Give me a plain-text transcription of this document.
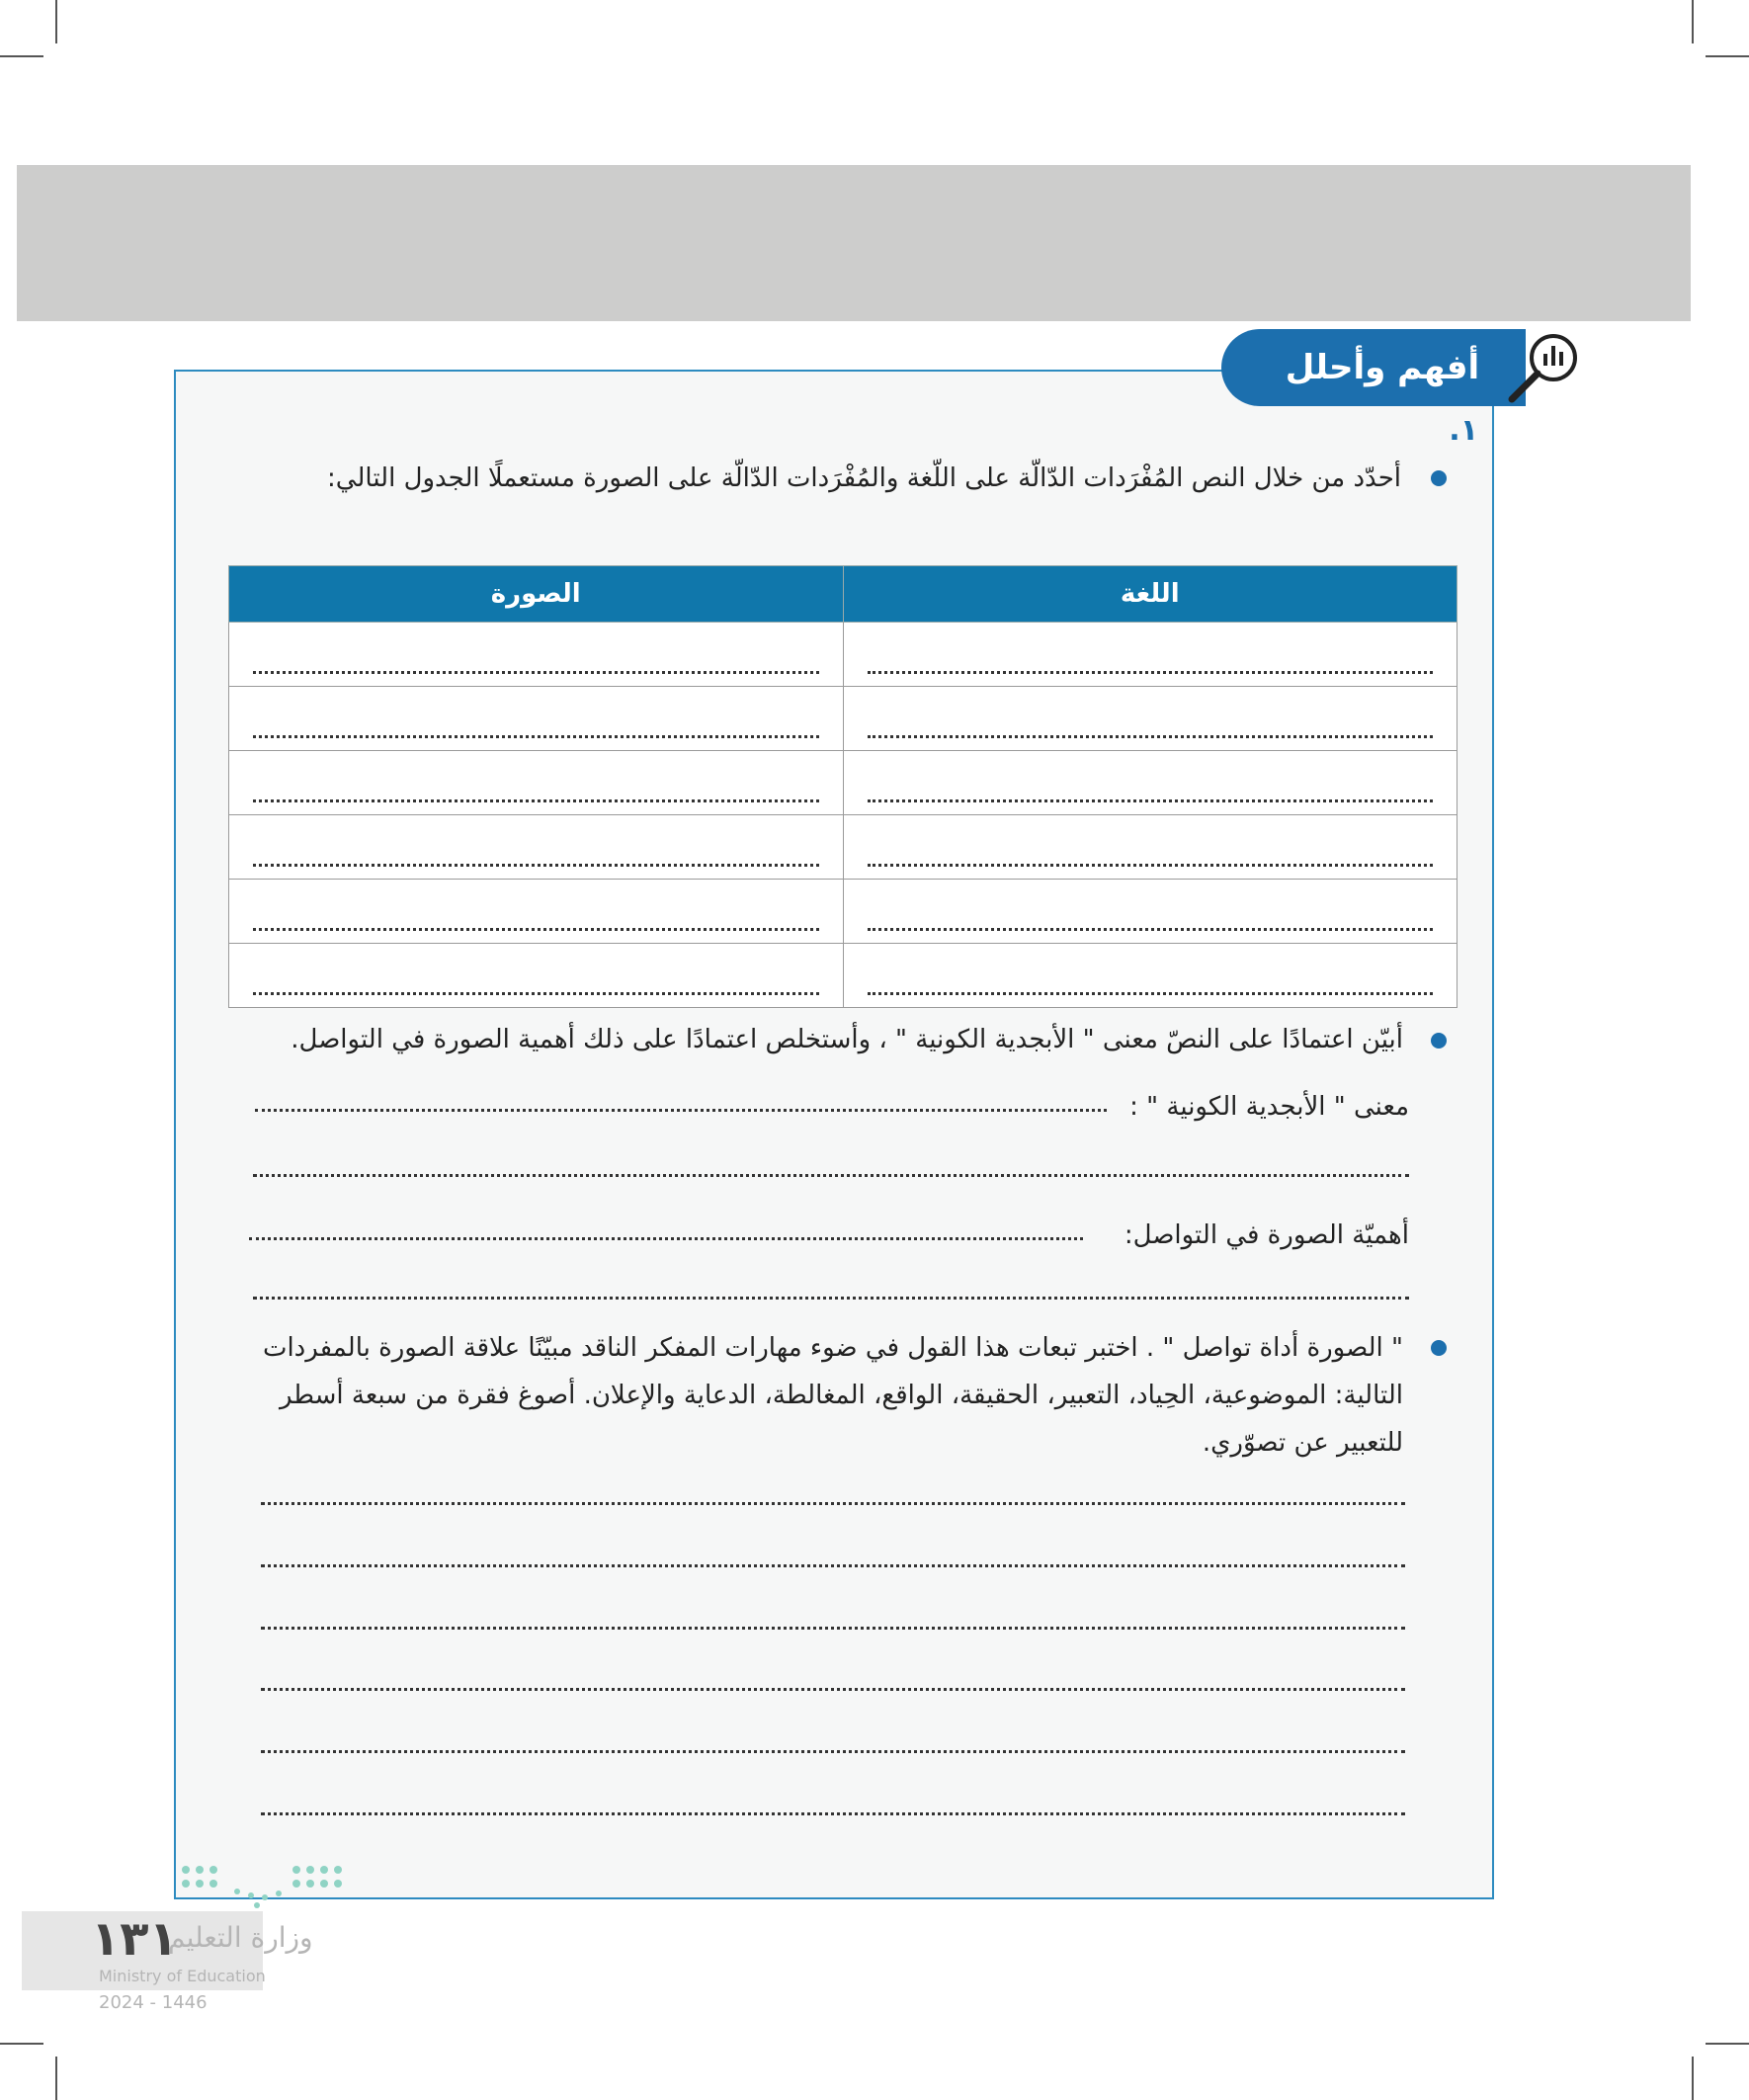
أفهم وأحلل
١.
أحدّد من خلال النص المُفْرَدات الدّالّة على اللّغة والمُفْرَدات الدّالّة على الصورة مستعملًا الجدول التالي:
اللغة	الصورة

أبيّن اعتمادًا على النصّ معنى " الأبجدية الكونية " ، وأستخلص اعتمادًا على ذلك أهمية الصورة في التواصل.
معنى " الأبجدية الكونية " :
أهميّة الصورة في التواصل:
" الصورة أداة تواصل " . اختبر تبعات هذا القول في ضوء مهارات المفكر الناقد مبيّنًا علاقة الصورة بالمفردات التالية: الموضوعية، الحِياد، التعبير، الحقيقة، الواقع، المغالطة، الدعاية والإعلان. أصوغ فقرة من سبعة أسطر للتعبير عن تصوّري.
وزارة التعليم
١٣١
Ministry of Education
2024 - 1446
